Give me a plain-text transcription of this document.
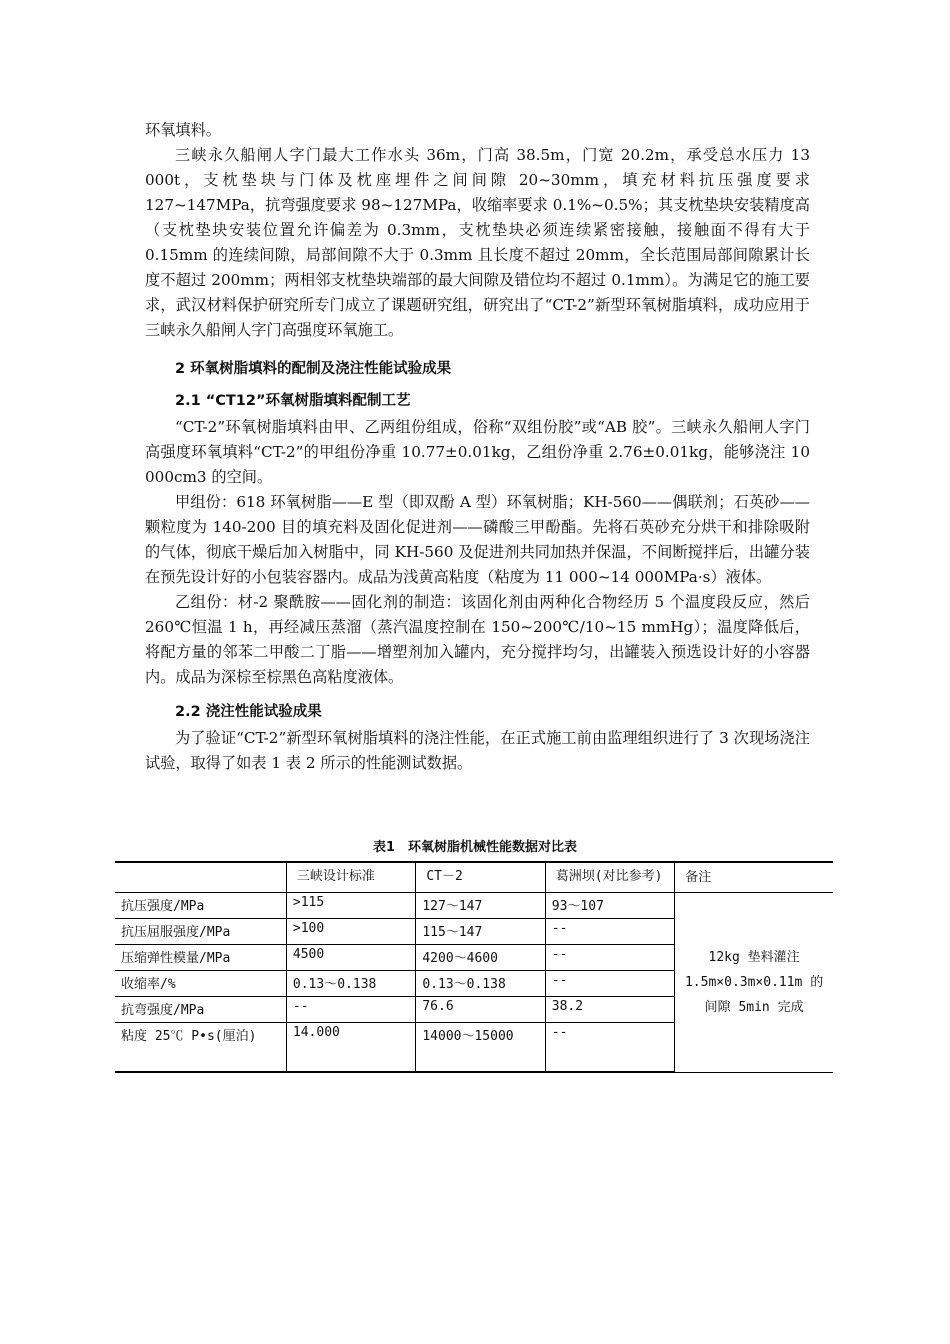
环氧填料。

三峡永久船闸人字门最大工作水头 36m，门高 38.5m，门宽 20.2m，承受总水压力 13 000t，支枕垫块与门体及枕座埋件之间间隙 20~30mm，填充材料抗压强度要求 127~147MPa，抗弯强度要求 98~127MPa，收缩率要求 0.1%~0.5%；其支枕垫块安装精度高（支枕垫块安装位置允许偏差为 0.3mm，支枕垫块必须连续紧密接触，接触面不得有大于 0.15mm 的连续间隙，局部间隙不大于 0.3mm 且长度不超过 20mm，全长范围局部间隙累计长度不超过 200mm；两相邻支枕垫块端部的最大间隙及错位均不超过 0.1mm）。为满足它的施工要求，武汉材料保护研究所专门成立了课题研究组，研究出了“CT-2”新型环氧树脂填料，成功应用于三峡永久船闸人字门高强度环氧施工。

2 环氧树脂填料的配制及浇注性能试验成果
2.1 “CT12”环氧树脂填料配制工艺

“CT-2”环氧树脂填料由甲、乙两组份组成，俗称“双组份胶”或“AB 胶”。三峡永久船闸人字门高强度环氧填料“CT-2”的甲组份净重 10.77±0.01kg，乙组份净重 2.76±0.01kg，能够浇注 10 000cm3 的空间。

甲组份：618 环氧树脂——E 型（即双酚 A 型）环氧树脂；KH-560——偶联剂；石英砂——颗粒度为 140-200 目的填充料及固化促进剂——磷酸三甲酚酯。先将石英砂充分烘干和排除吸附的气体，彻底干燥后加入树脂中，同 KH-560 及促进剂共同加热并保温，不间断搅拌后，出罐分装在预先设计好的小包装容器内。成品为浅黄高粘度（粘度为 11 000~14 000MPa·s）液体。

乙组份：材-2 聚酰胺——固化剂的制造：该固化剂由两种化合物经历 5 个温度段反应，然后 260℃恒温 1 h，再经减压蒸溜（蒸汽温度控制在 150~200℃/10~15 mmHg）；温度降低后，将配方量的邻苯二甲酸二丁脂——增塑剂加入罐内，充分搅拌均匀，出罐装入预选设计好的小容器内。成品为深棕至棕黑色高粘度液体。

2.2 浇注性能试验成果

为了验证“CT-2”新型环氧树脂填料的浇注性能，在正式施工前由监理组织进行了 3 次现场浇注试验，取得了如表 1 表 2 所示的性能测试数据。

表1　环氧树脂机械性能数据对比表
	三峡设计标准	CT－2	葛洲坝(对比参考)	备注
抗压强度/MPa	>115	127～147	93～107	12kg 垫料灌注 1.5m×0.3m×0.11m 的间隙 5min 完成
抗压屈服强度/MPa	>100	115～147	--	
压缩弹性模量/MPa	4500	4200～4600	--	
收缩率/%	0.13～0.138	0.13～0.138	--	
抗弯强度/MPa	--	76.6	38.2	
粘度 25℃ P•s(厘泊)	14.000	14000～15000	--	
